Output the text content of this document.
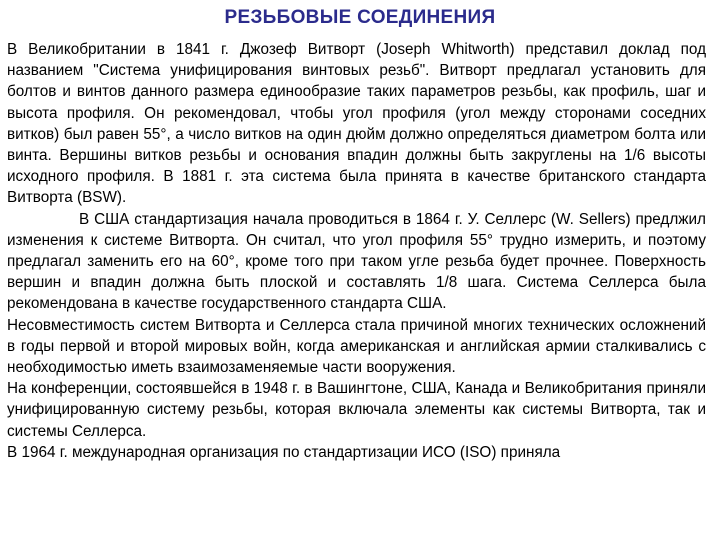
РЕЗЬБОВЫЕ СОЕДИНЕНИЯ

В Великобритании в 1841 г. Джозеф Витворт (Joseph Whitworth) представил доклад под названием "Система унифицирования винтовых резьб". Витворт предлагал установить для болтов и винтов данного размера единообразие таких параметров резьбы, как профиль, шаг и высота профиля. Он рекомендовал, чтобы угол профиля (угол между сторонами соседних витков) был равен 55°, а число витков на один дюйм должно определяться диаметром болта или винта. Вершины витков резьбы и основания впадин должны быть закруглены на 1/6 высоты исходного профиля. В 1881 г. эта система была принята в качестве британского стандарта Витворта (BSW).

В США стандартизация начала проводиться в 1864 г. У. Селлерс (W. Sellers) предлжил изменения к системе Витворта. Он считал, что угол профиля 55° трудно измерить, и поэтому предлагал заменить его на 60°, кроме того при таком угле резьба будет прочнее. Поверхность вершин и впадин должна быть плоской и составлять 1/8 шага. Система Селлерса была рекомендована в качестве государственного стандарта США.

Несовместимость систем Витворта и Селлерса стала причиной многих технических осложнений в годы первой и второй мировых войн, когда американская и английская армии сталкивались с необходимостью иметь взаимозаменяемые части вооружения.

На конференции, состоявшейся в 1948 г. в Вашингтоне, США, Канада и Великобритания приняли унифицированную систему резьбы, которая включала элементы как системы Витворта, так и системы Селлерса.

В 1964 г. международная организация по стандартизации ИСО (ISO) приняла
